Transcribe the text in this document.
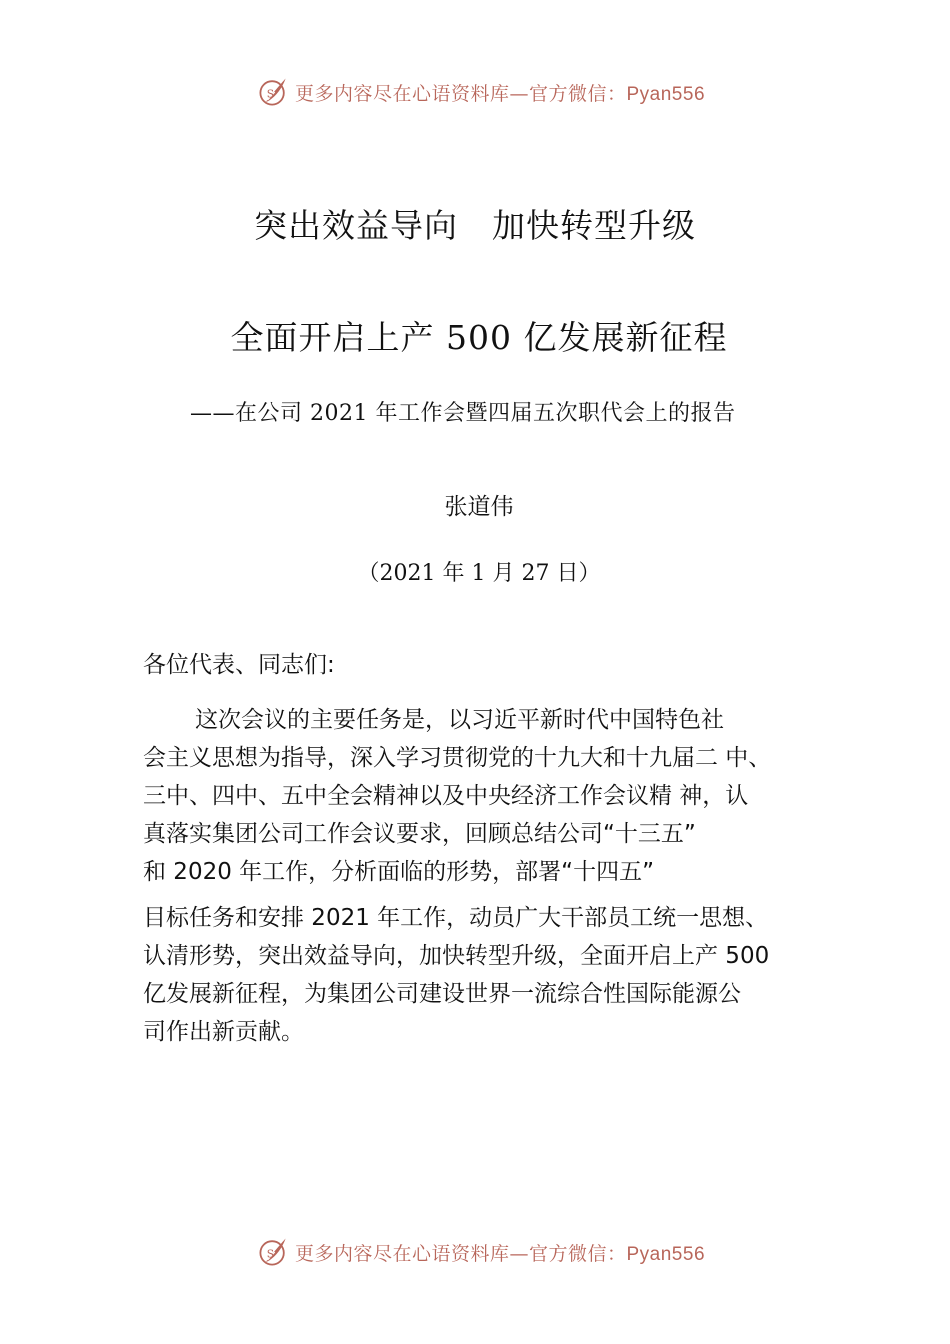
S 更多内容尽在心语资料库—官方微信：Pyan556
突出效益导向　加快转型升级
全面开启上产 500 亿发展新征程
——在公司 2021 年工作会暨四届五次职代会上的报告
张道伟
（2021 年 1 月 27 日）
各位代表、同志们:
这次会议的主要任务是，以习近平新时代中国特色社
会主义思想为指导，深入学习贯彻党的十九大和十九届二 中、
三中、四中、五中全会精神以及中央经济工作会议精 神，认
真落实集团公司工作会议要求，回顾总结公司“十三五”
和 2020 年工作，分析面临的形势，部署“十四五”
目标任务和安排 2021 年工作，动员广大干部员工统一思想、
认清形势，突出效益导向，加快转型升级，全面开启上产 500
亿发展新征程，为集团公司建设世界一流综合性国际能源公
司作出新贡献。
S 更多内容尽在心语资料库—官方微信：Pyan556
